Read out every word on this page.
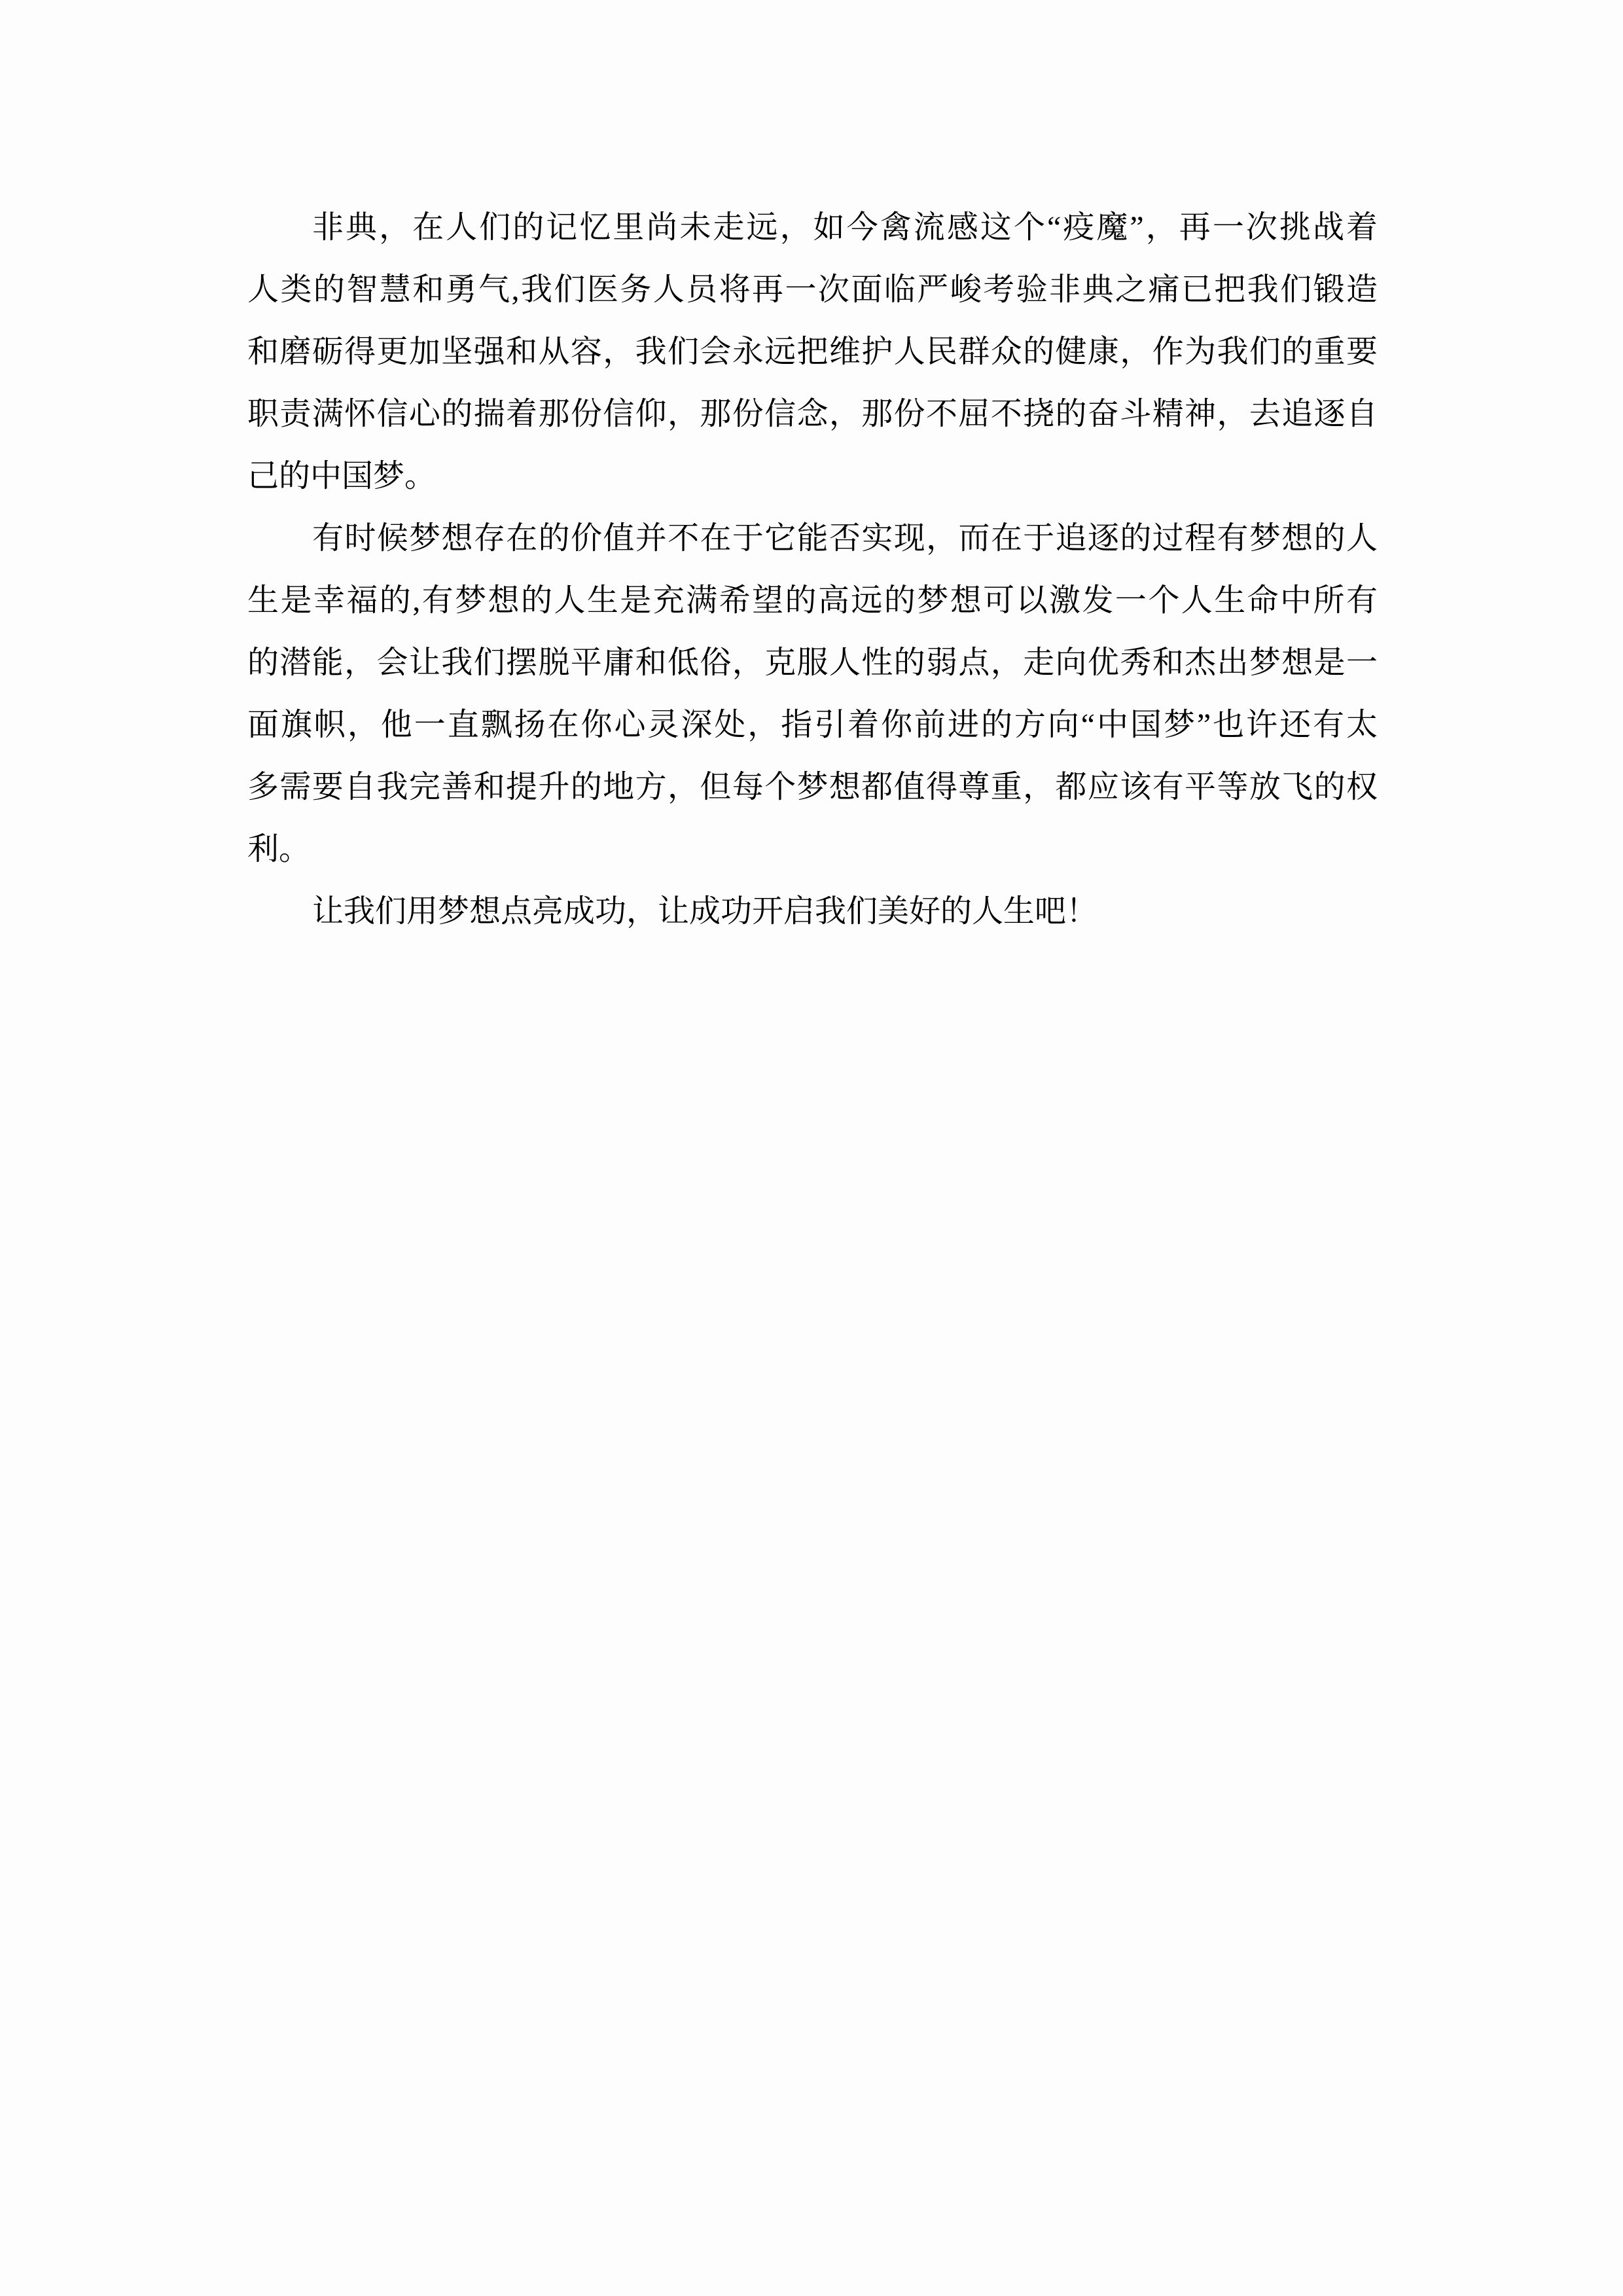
非典，在人们的记忆里尚未走远，如今禽流感这个“疫魔”，再一次挑战着
人类的智慧和勇气,我们医务人员将再一次面临严峻考验非典之痛已把我们锻造
和磨砺得更加坚强和从容，我们会永远把维护人民群众的健康，作为我们的重要
职责满怀信心的揣着那份信仰，那份信念，那份不屈不挠的奋斗精神，去追逐自
己的中国梦。
有时候梦想存在的价值并不在于它能否实现，而在于追逐的过程有梦想的人
生是幸福的,有梦想的人生是充满希望的高远的梦想可以激发一个人生命中所有
的潜能，会让我们摆脱平庸和低俗，克服人性的弱点，走向优秀和杰出梦想是一
面旗帜，他一直飘扬在你心灵深处，指引着你前进的方向“中国梦”也许还有太
多需要自我完善和提升的地方，但每个梦想都值得尊重，都应该有平等放飞的权
利。
让我们用梦想点亮成功，让成功开启我们美好的人生吧！
